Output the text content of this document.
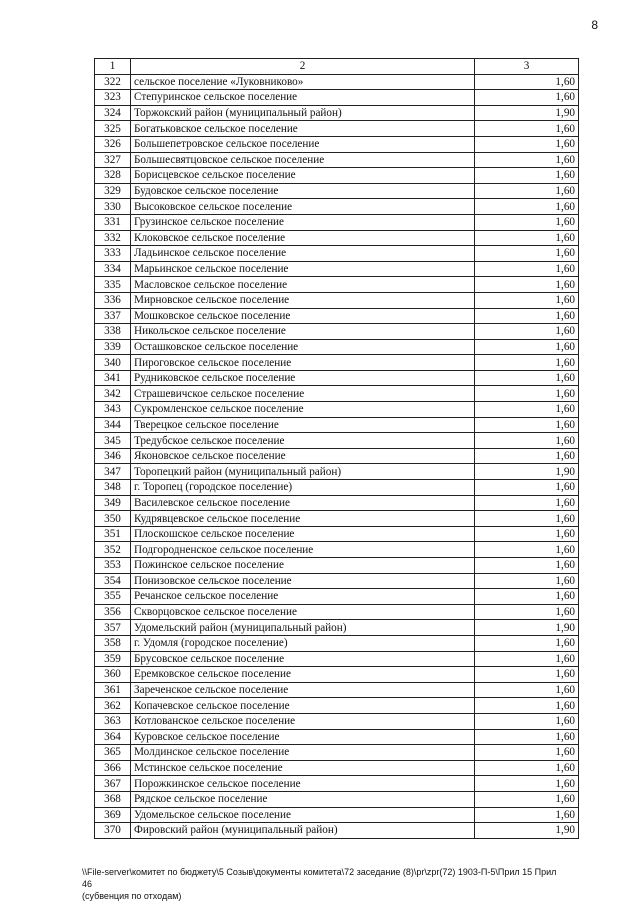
8
1	2	3
322	сельское поселение «Луковниково»	1,60
323	Степуринское сельское поселение	1,60
324	Торжокский район (муниципальный район)	1,90
325	Богатьковское сельское поселение	1,60
326	Большепетровское сельское поселение	1,60
327	Большесвятцовское сельское поселение	1,60
328	Борисцевское сельское поселение	1,60
329	Будовское сельское поселение	1,60
330	Высоковское сельское поселение	1,60
331	Грузинское сельское поселение	1,60
332	Клоковское сельское поселение	1,60
333	Ладьинское сельское поселение	1,60
334	Марьинское сельское поселение	1,60
335	Масловское сельское поселение	1,60
336	Мирновское сельское поселение	1,60
337	Мошковское сельское поселение	1,60
338	Никольское сельское поселение	1,60
339	Осташковское сельское поселение	1,60
340	Пироговское сельское поселение	1,60
341	Рудниковское сельское поселение	1,60
342	Страшевичское сельское поселение	1,60
343	Сукромленское сельское поселение	1,60
344	Тверецкое сельское поселение	1,60
345	Тредубское сельское поселение	1,60
346	Яконовское сельское поселение	1,60
347	Торопецкий район (муниципальный район)	1,90
348	г. Торопец (городское поселение)	1,60
349	Василевское сельское поселение	1,60
350	Кудрявцевское сельское поселение	1,60
351	Плоскошское сельское поселение	1,60
352	Подгородненское сельское поселение	1,60
353	Пожинское сельское поселение	1,60
354	Понизовское сельское поселение	1,60
355	Речанское сельское поселение	1,60
356	Скворцовское сельское поселение	1,60
357	Удомельский район (муниципальный район)	1,90
358	г. Удомля (городское поселение)	1,60
359	Брусовское сельское поселение	1,60
360	Еремковское сельское поселение	1,60
361	Зареченское сельское поселение	1,60
362	Копачевское сельское поселение	1,60
363	Котлованское сельское поселение	1,60
364	Куровское сельское поселение	1,60
365	Молдинское сельское поселение	1,60
366	Мстинское сельское поселение	1,60
367	Порожкинское сельское поселение	1,60
368	Рядское сельское поселение	1,60
369	Удомельское сельское поселение	1,60
370	Фировский район (муниципальный район)	1,90
\\File-server\комитет по бюджету\5 Созыв\документы комитета\72 заседание (8)\pr\zpr(72) 1903-П-5\Прил 15 Прил 46
(субвенция по отходам)
